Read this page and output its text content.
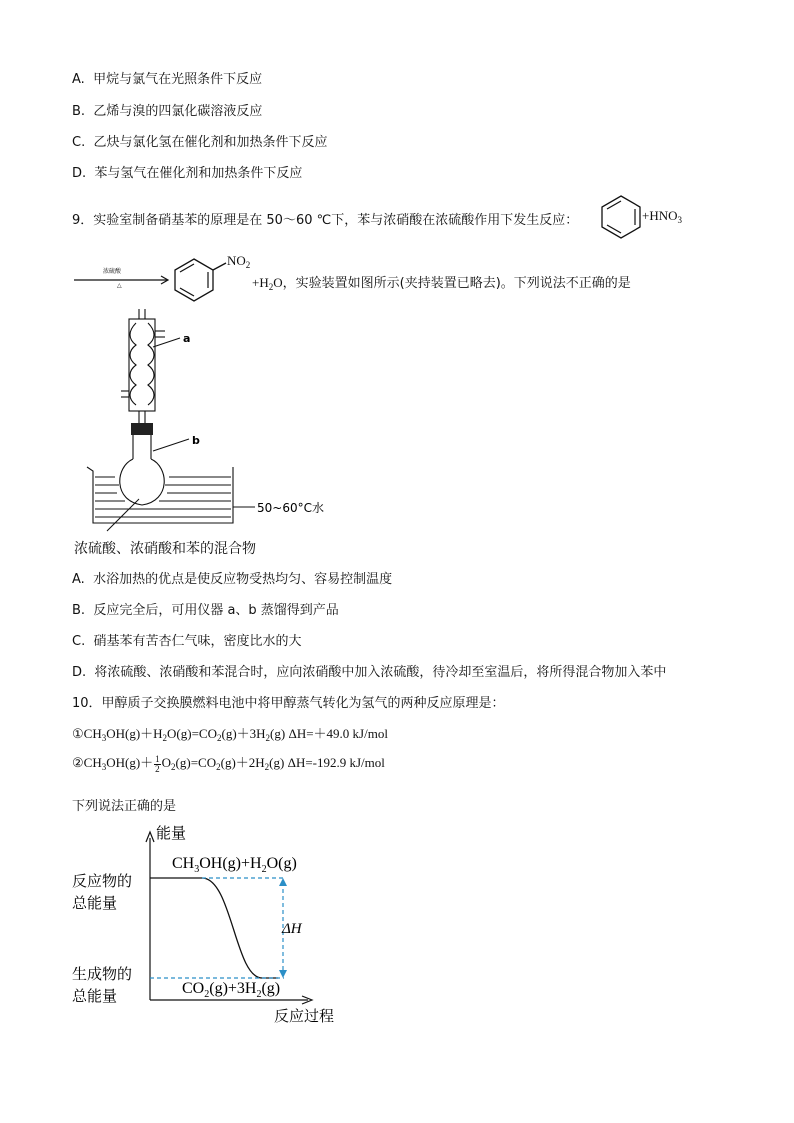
A. 甲烷与氯气在光照条件下反应
B. 乙烯与溴的四氯化碳溶液反应
C. 乙炔与氯化氢在催化剂和加热条件下反应
D. 苯与氢气在催化剂和加热条件下反应
9．实验室制备硝基苯的原理是在 50～60 ℃下，苯与浓硝酸在浓硫酸作用下发生反应：	$+HNO_3$
浓硫酸
△
$NO_2$
$+H_2O$，实验装置如图所示(夹持装置已略去)。下列说法不正确的是
a
b
50~60°C水
浓硫酸、浓硝酸和苯的混合物
A. 水浴加热的优点是使反应物受热均匀、容易控制温度
B. 反应完全后，可用仪器 a、b 蒸馏得到产品
C. 硝基苯有苦杏仁气味，密度比水的大
D. 将浓硫酸、浓硝酸和苯混合时，应向浓硝酸中加入浓硫酸，待冷却至室温后，将所得混合物加入苯中
10．甲醇质子交换膜燃料电池中将甲醇蒸气转化为氢气的两种反应原理是：
$①CH_3OH(g)+H_2O(g)=CO_2(g)+3H_2(g)$ ΔH=＋49.0 kJ/mol
$②CH_3OH(g)+ \frac{1}{2} O_2(g)=CO_2(g)+2H_2(g)$ ΔH=-192.9 kJ/mol
下列说法正确的是
能量
反应过程
反应物的
总能量
生成物的
总能量
ΔH
$CH_3OH(g)+H_2O(g)$
$CO_2(g)+3H_2(g)$
